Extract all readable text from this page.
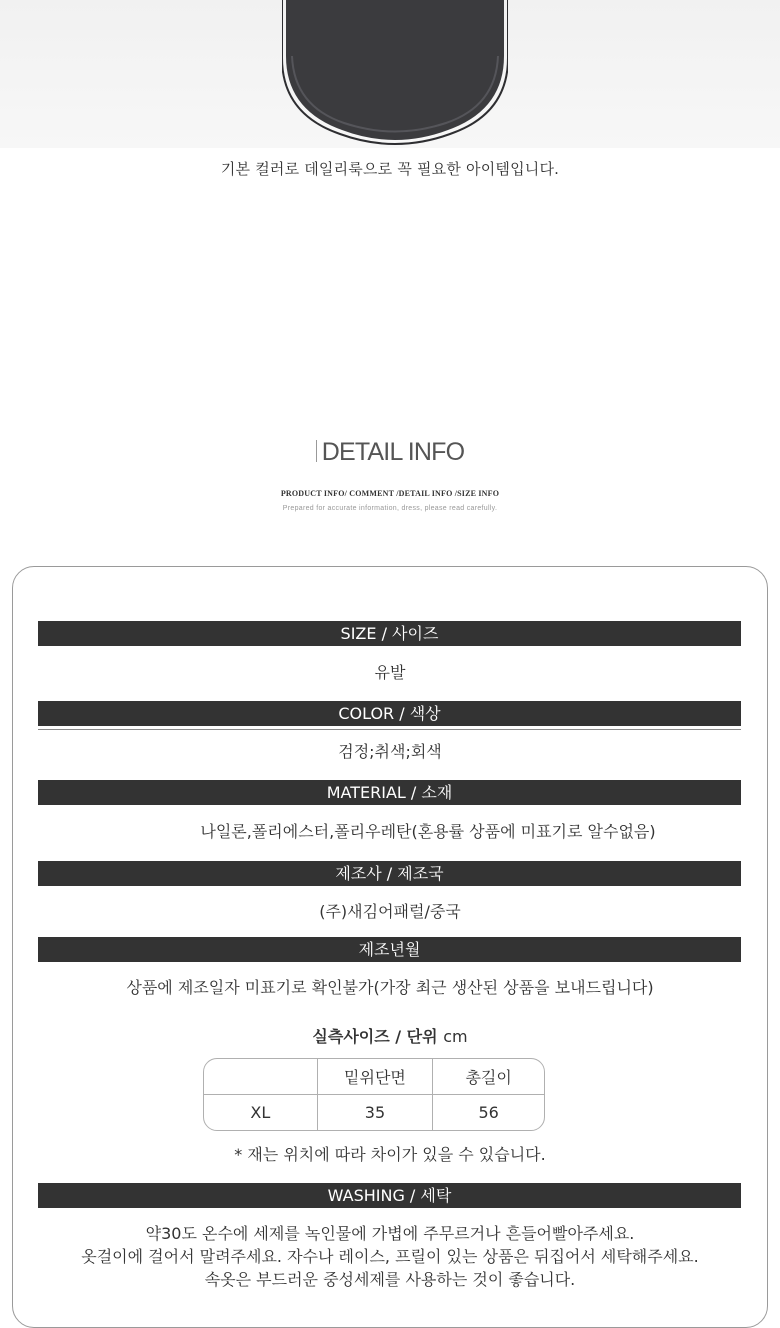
기본 컬러로 데일리룩으로 꼭 필요한 아이템입니다.
DETAIL INFO
PRODUCT INFO/ COMMENT /DETAIL INFO /SIZE INFO
Prepared for accurate information, dress, please read carefully.
SIZE / 사이즈
유발
COLOR / 색상
검정;취색;회색
MATERIAL / 소재
나일론,폴리에스터,폴리우레탄(혼용률 상품에 미표기로 알수없음)
제조사 / 제조국
(주)새김어패럴/중국
제조년월
상품에 제조일자 미표기로 확인불가(가장 최근 생산된 상품을 보내드립니다)
실측사이즈 / 단위 cm
	밑위단면	총길이
XL	35	56
* 재는 위치에 따라 차이가 있을 수 있습니다.
WASHING / 세탁
약30도 온수에 세제를 녹인물에 가볍에 주무르거나 흔들어빨아주세요.
옷걸이에 걸어서 말려주세요. 자수나 레이스, 프릴이 있는 상품은 뒤집어서 세탁해주세요.
속옷은 부드러운 중성세제를 사용하는 것이 좋습니다.
